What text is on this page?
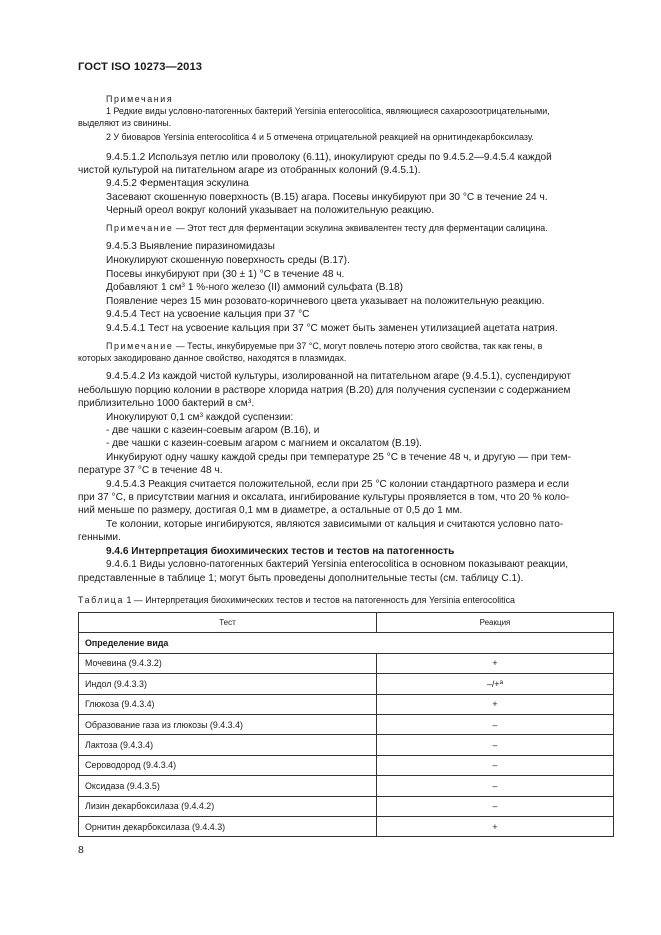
ГОСТ ISO 10273—2013
Примечания
1 Редкие виды условно-патогенных бактерий Yersinia enterocolitica, являющиеся сахарозоотрицательными,
выделяют из свинины.
2 У биоваров Yersinia enterocolitica 4 и 5 отмечена отрицательной реакцией на орнитиндекарбоксилазу.
9.4.5.1.2 Используя петлю или проволоку (6.11), инокулируют среды по 9.4.5.2—9.4.5.4 каждой
чистой культурой на питательном агаре из отобранных колоний (9.4.5.1).
9.4.5.2 Ферментация эскулина
Засевают скошенную поверхность (B.15) агара. Посевы инкубируют при 30 °С в течение 24 ч.
Черный ореол вокруг колоний указывает на положительную реакцию.
Примечание — Этот тест для ферментации эскулина эквивалентен тесту для ферментации салицина.
9.4.5.3 Выявление пиразиномидазы
Инокулируют скошенную поверхность среды (B.17).
Посевы инкубируют при (30 ± 1) °С в течение 48 ч.
Добавляют 1 $см^3$ 1 %-ного железо (II) аммоний сульфата (B.18)
Появление через 15 мин розовато-коричневого цвета указывает на положительную реакцию.
9.4.5.4 Тест на усвоение кальция при 37 °С
9.4.5.4.1 Тест на усвоение кальция при 37 °С может быть заменен утилизацией ацетата натрия.
Примечание — Тесты, инкубируемые при 37 °С, могут повлечь потерю этого свойства, так как гены, в
которых закодировано данное свойство, находятся в плазмидах.
9.4.5.4.2 Из каждой чистой культуры, изолированной на питательном агаре (9.4.5.1), суспендируют
небольшую порцию колонии в растворе хлорида натрия (B.20) для получения суспензии с содержанием
приблизительно 1000 бактерий в $см^3$.
Инокулируют 0,1 $см^3$ каждой суспензии:
- две чашки с казеин-соевым агаром (B.16), и
- две чашки с казеин-соевым агаром с магнием и оксалатом (B.19).
Инкубируют одну чашку каждой среды при температуре 25 °С в течение 48 ч, и другую — при тем-
пературе 37 °С в течение 48 ч.
9.4.5.4.3 Реакция считается положительной, если при 25 °С колонии стандартного размера и если
при 37 °С, в присутствии магния и оксалата, ингибирование культуры проявляется в том, что 20 % коло-
ний меньше по размеру, достигая 0,1 мм в диаметре, а остальные от 0,5 до 1 мм.
Те колонии, которые ингибируются, являются зависимыми от кальция и считаются условно пато-
генными.
9.4.6 Интерпретация биохимических тестов и тестов на патогенность
9.4.6.1 Виды условно-патогенных бактерий Yersinia enterocolitica в основном показывают реакции,
представленные в таблице 1; могут быть проведены дополнительные тесты (см. таблицу С.1).
Таблица 1 — Интерпретация биохимических тестов и тестов на патогенность для Yersinia enterocolitica
Тест	Реакция
Определение вида	
Мочевина (9.4.3.2)	+
Индол (9.4.3.3)	–/+$^a$
Глюкоза (9.4.3.4)	+
Образование газа из глюкозы (9.4.3.4)	–
Лактоза (9.4.3.4)	–
Сероводород (9.4.3.4)	–
Оксидаза (9.4.3.5)	–
Лизин декарбоксилаза (9.4.4.2)	–
Орнитин декарбоксилаза (9.4.4.3)	+
8
